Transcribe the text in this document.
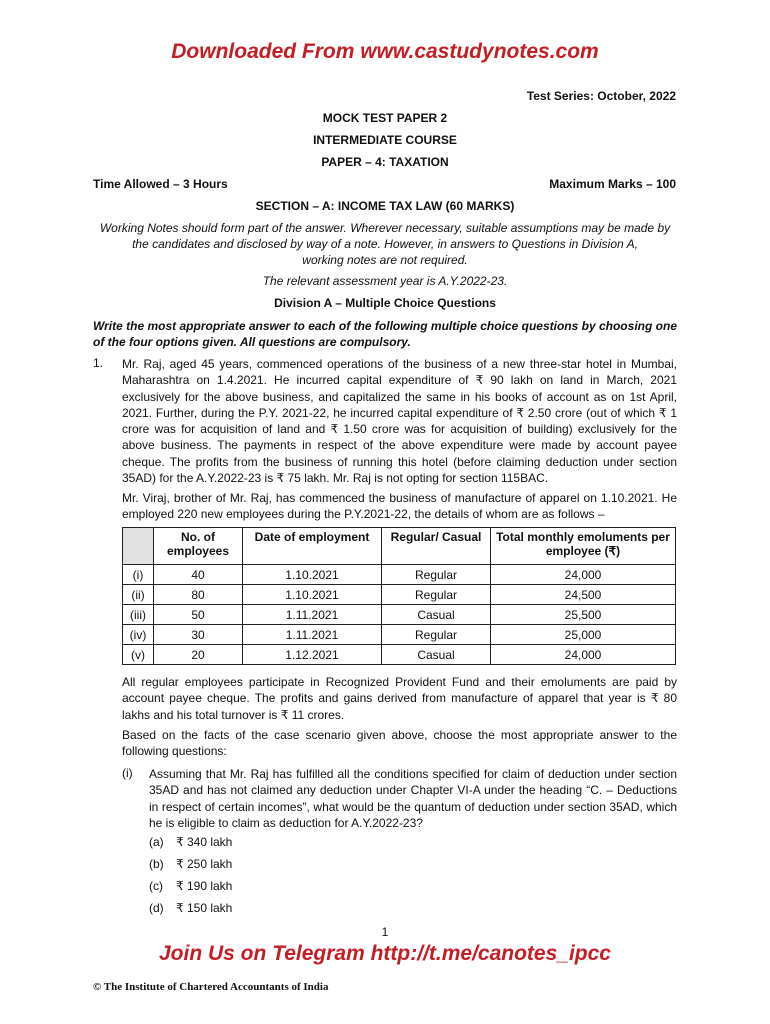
Downloaded From www.castudynotes.com
Test Series: October, 2022
MOCK TEST PAPER 2
INTERMEDIATE COURSE
PAPER – 4: TAXATION
Time Allowed – 3 Hours	Maximum Marks – 100
SECTION – A: INCOME TAX LAW (60 MARKS)
Working Notes should form part of the answer. Wherever necessary, suitable assumptions may be made by
the candidates and disclosed by way of a note. However, in answers to Questions in Division A,
working notes are not required.
The relevant assessment year is A.Y.2022-23.
Division A – Multiple Choice Questions
Write the most appropriate answer to each of the following multiple choice questions by choosing one of the four options given. All questions are compulsory.
1. Mr. Raj, aged 45 years, commenced operations of the business of a new three-star hotel in Mumbai, Maharashtra on 1.4.2021. He incurred capital expenditure of ₹ 90 lakh on land in March, 2021 exclusively for the above business, and capitalized the same in his books of account as on 1st April, 2021. Further, during the P.Y. 2021-22, he incurred capital expenditure of ₹ 2.50 crore (out of which ₹ 1 crore was for acquisition of land and ₹ 1.50 crore was for acquisition of building) exclusively for the above business. The payments in respect of the above expenditure were made by account payee cheque. The profits from the business of running this hotel (before claiming deduction under section 35AD) for the A.Y.2022-23 is ₹ 75 lakh. Mr. Raj is not opting for section 115BAC.
Mr. Viraj, brother of Mr. Raj, has commenced the business of manufacture of apparel on 1.10.2021. He employed 220 new employees during the P.Y.2021-22, the details of whom are as follows –
	No. of employees	Date of employment	Regular/ Casual	Total monthly emoluments per employee (₹)
(i)	40	1.10.2021	Regular	24,000
(ii)	80	1.10.2021	Regular	24,500
(iii)	50	1.11.2021	Casual	25,500
(iv)	30	1.11.2021	Regular	25,000
(v)	20	1.12.2021	Casual	24,000
All regular employees participate in Recognized Provident Fund and their emoluments are paid by account payee cheque. The profits and gains derived from manufacture of apparel that year is ₹ 80 lakhs and his total turnover is ₹ 11 crores.
Based on the facts of the case scenario given above, choose the most appropriate answer to the following questions:
(i) Assuming that Mr. Raj has fulfilled all the conditions specified for claim of deduction under section 35AD and has not claimed any deduction under Chapter VI-A under the heading “C. – Deductions in respect of certain incomes”, what would be the quantum of deduction under section 35AD, which he is eligible to claim as deduction for A.Y.2022-23?
(a) ₹ 340 lakh
(b) ₹ 250 lakh
(c) ₹ 190 lakh
(d) ₹ 150 lakh
1
Join Us on Telegram http://t.me/canotes_ipcc
© The Institute of Chartered Accountants of India
